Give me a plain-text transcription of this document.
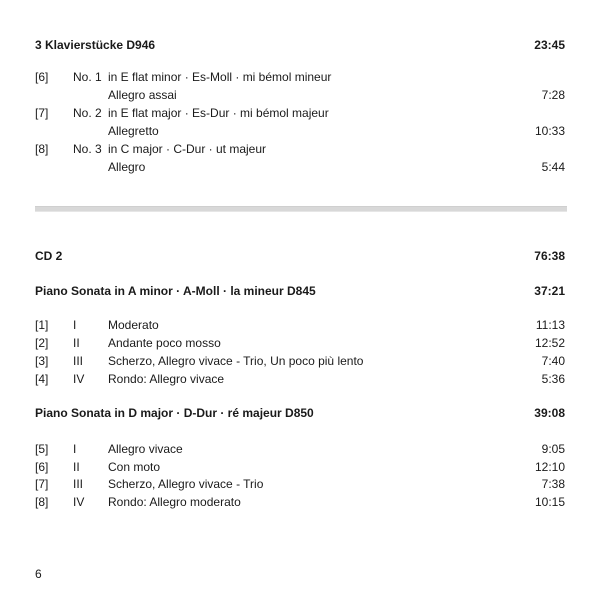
3 Klavierstücke D946	23:45
[6] No. 1 in E flat minor · Es-Moll · mi bémol mineur
Allegro assai	7:28
[7] No. 2 in E flat major · Es-Dur · mi bémol majeur
Allegretto	10:33
[8] No. 3 in C major · C-Dur · ut majeur
Allegro	5:44
CD 2	76:38
Piano Sonata in A minor · A-Moll · la mineur D845	37:21
[1] I	Moderato	11:13
[2] II Andante poco mosso	12:52
[3] III Scherzo, Allegro vivace - Trio, Un poco più lento	7:40
[4] IV Rondo: Allegro vivace	5:36
Piano Sonata in D major · D-Dur · ré majeur D850	39:08
[5] I	Allegro vivace	9:05
[6] II Con moto	12:10
[7] III Scherzo, Allegro vivace - Trio	7:38
[8] IV Rondo: Allegro moderato	10:15
6
